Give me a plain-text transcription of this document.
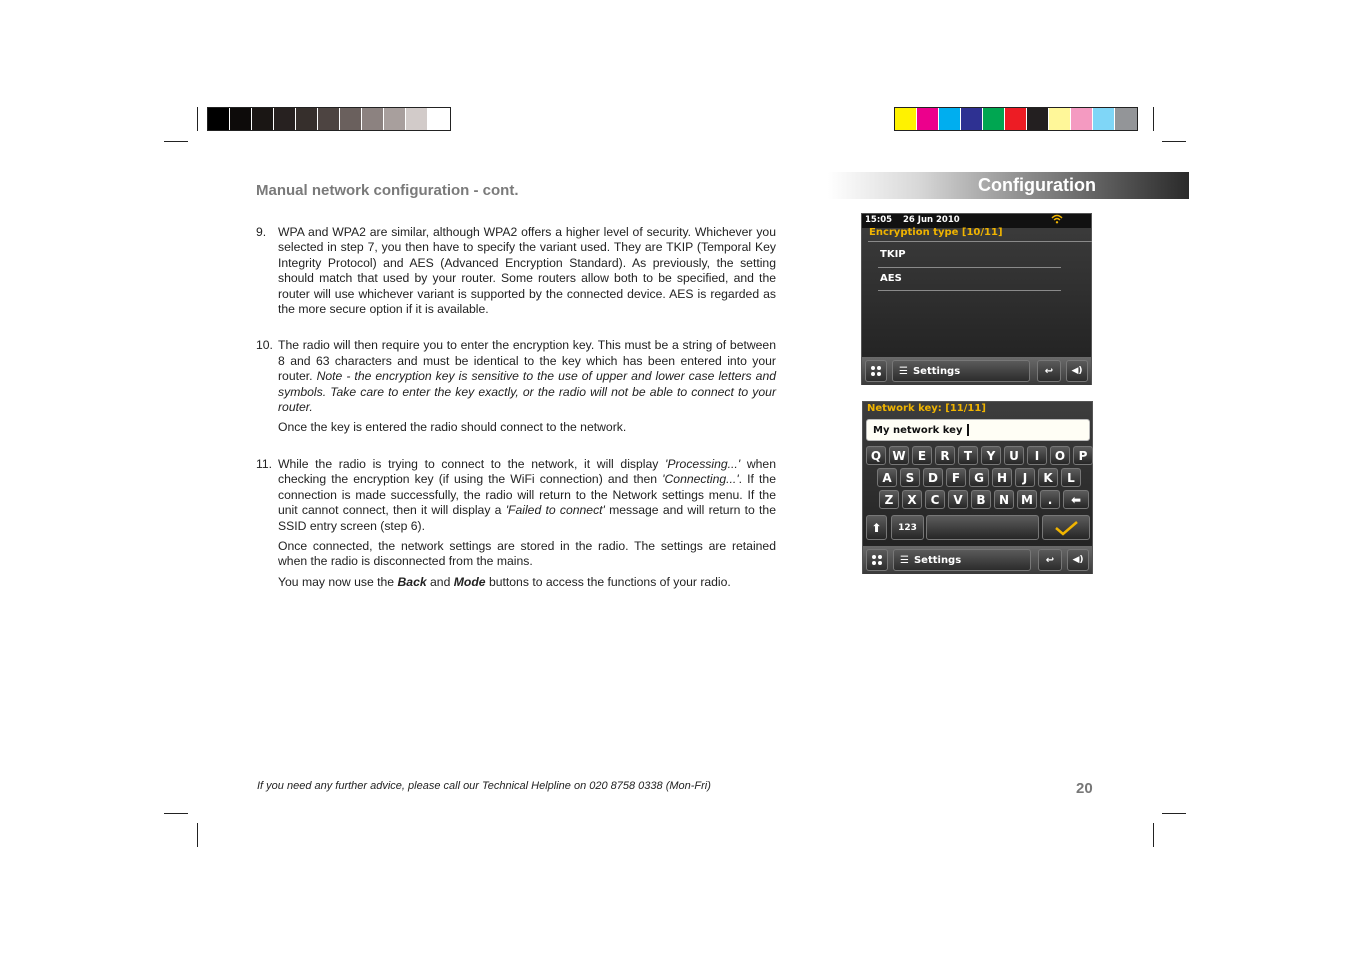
Manual network configuration - cont.	Configuration
9. WPA and WPA2 are similar, although WPA2 offers a higher level of security. Whichever you selected in step 7, you then have to specify the variant used. They are TKIP (Temporal Key Integrity Protocol) and AES (Advanced Encryption Standard). As previously, the setting should match that used by your router. Some routers allow both to be specified, and the router will use whichever variant is supported by the connected device. AES is regarded as the more secure option if it is available.

10. The radio will then require you to enter the encryption key. This must be a string of between 8 and 63 characters and must be identical to the key which has been entered into your router. Note - the encryption key is sensitive to the use of upper and lower case letters and symbols. Take care to enter the key exactly, or the radio will not be able to connect to your router.

Once the key is entered the radio should connect to the network.

11. While the radio is trying to connect to the network, it will display 'Processing...' when checking the encryption key (if using the WiFi connection) and then 'Connecting...'. If the connection is made successfully, the radio will return to the Network settings menu. If the unit cannot connect, then it will display a 'Failed to connect' message and will return to the SSID entry screen (step 6).

Once connected, the network settings are stored in the radio. The settings are retained when the radio is disconnected from the mains.

You may now use the Back and Mode buttons to access the functions of your radio.

15:05 26 Jun 2010
Encryption type [10/11]
TKIP
AES
☰ Settings	↩ ◀)
Network key: [11/11]
My network key
Q W	E	R	T	Y	U	I	O	P
A	S	D	F	G	H	J	K	L
Z	X	C	V	B	N	M	.	⬅
⬆ 123
☰ Settings	↩ ◀)
If you need any further advice, please call our Technical Helpline on 020 8758 0338 (Mon-Fri)	20
